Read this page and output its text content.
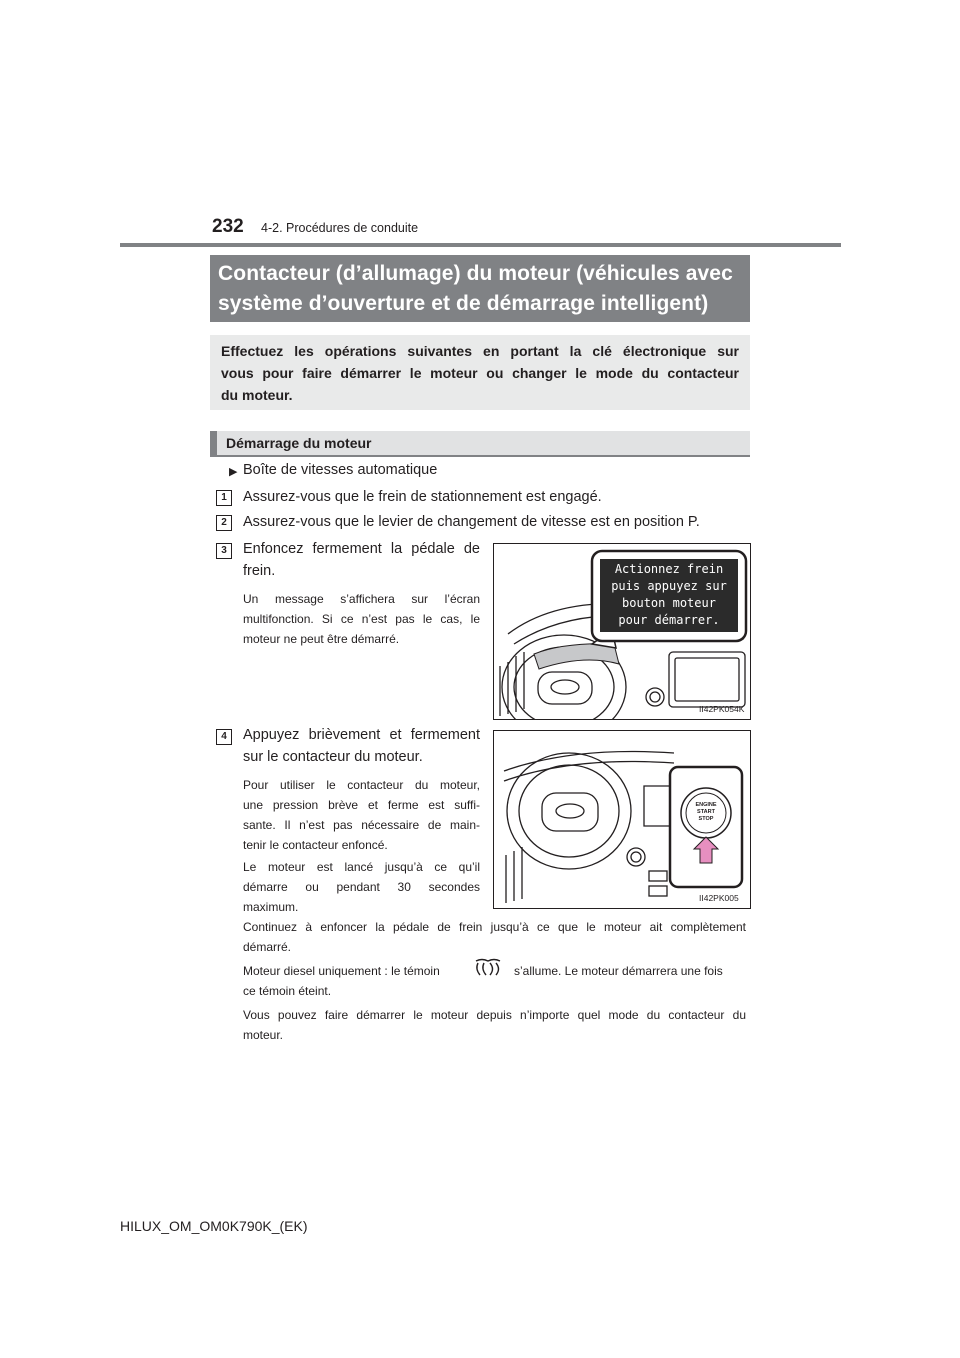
232 4-2. Procédures de conduite
Contacteur (d’allumage) du moteur (véhicules avec
système d’ouverture et de démarrage intelligent)
Effectuez les opérations suivantes en portant la clé électronique sur
vous pour faire démarrer le moteur ou changer le mode du contacteur
du moteur.
Démarrage du moteur
▶ Boîte de vitesses automatique
1	Assurez-vous que le frein de stationnement est engagé.
2	Assurez-vous que le levier de changement de vitesse est en position P.
3	Enfoncez fermement la pédale de
frein.
Un message s’affichera sur l’écran
multifonction. Si ce n’est pas le cas, le
moteur ne peut être démarré.
Actionnez frein
puis appuyez sur
bouton moteur
pour démarrer.
II42PK054K
4	Appuyez brièvement et fermement
sur le contacteur du moteur.
Pour utiliser le contacteur du moteur,
une pression brève et ferme est suffi-
sante. Il n’est pas nécessaire de main-
tenir le contacteur enfoncé.
Le moteur est lancé jusqu’à ce qu’il
démarre ou pendant 30 secondes
maximum.
ENGINE
START
STOP
II42PK005
Continuez à enfoncer la pédale de frein jusqu’à ce que le moteur ait complètement
démarré.
Moteur diesel uniquement : le témoin	s’allume. Le moteur démarrera une fois
ce témoin éteint.
Vous pouvez faire démarrer le moteur depuis n’importe quel mode du contacteur du
moteur.
HILUX_OM_OM0K790K_(EK)
